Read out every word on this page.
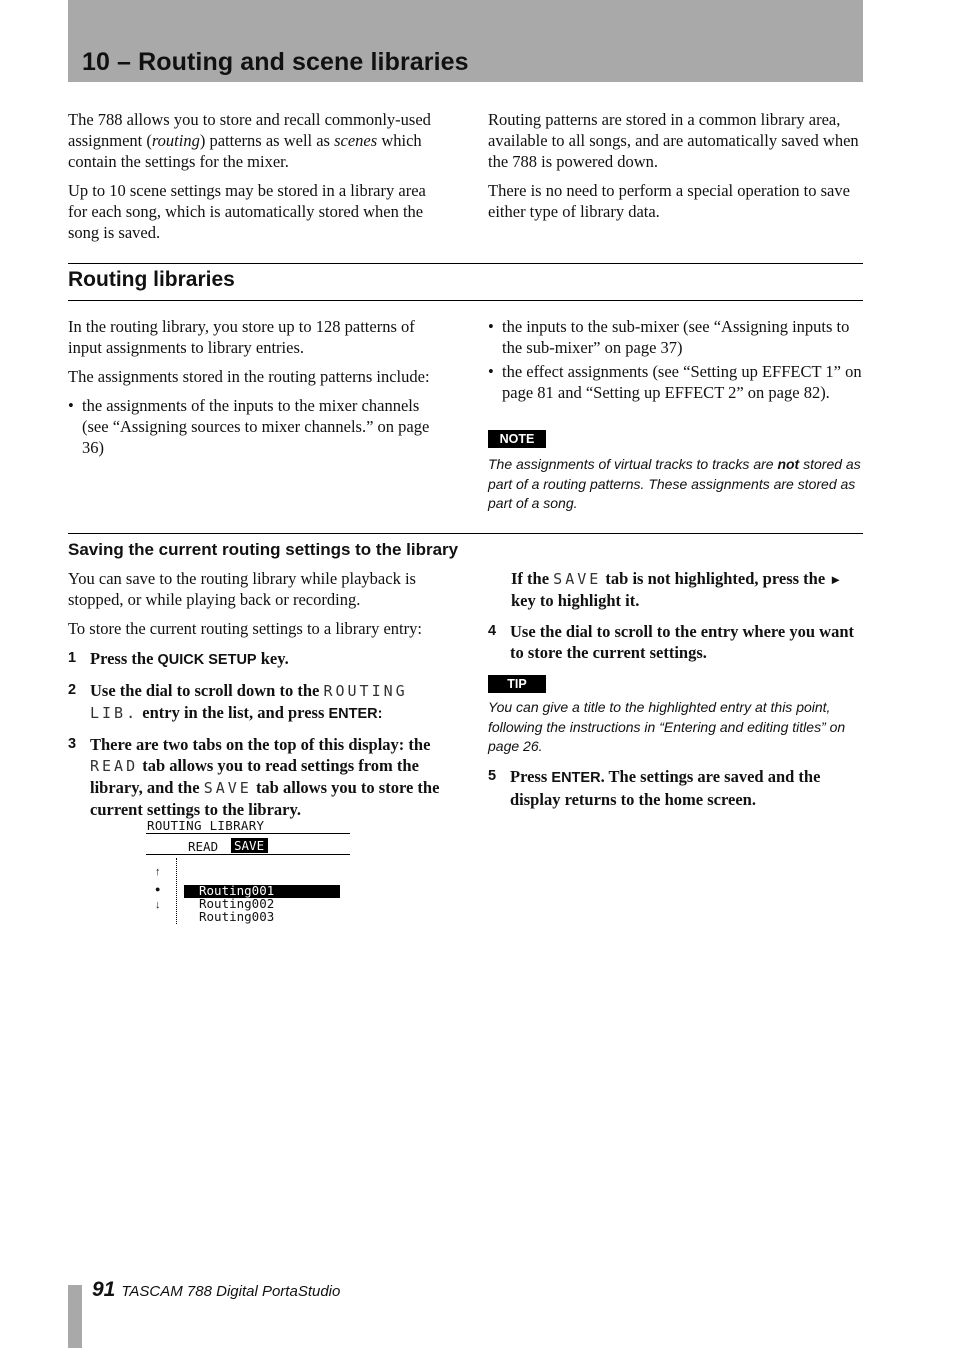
10 – Routing and scene libraries

The 788 allows you to store and recall commonly-used assignment (routing) patterns as well as scenes which contain the settings for the mixer.

Up to 10 scene settings may be stored in a library area for each song, which is automatically stored when the song is saved.

Routing patterns are stored in a common library area, available to all songs, and are automatically saved when the 788 is powered down.

There is no need to perform a special operation to save either type of library data.

Routing libraries

In the routing library, you store up to 128 patterns of input assignments to library entries.

The assignments stored in the routing patterns include:

• the assignments of the inputs to the mixer channels (see “Assigning sources to mixer channels.” on page 36)

• the inputs to the sub-mixer (see “Assigning inputs to the sub-mixer” on page 37)

• the effect assignments (see “Setting up EFFECT 1” on page 81 and “Setting up EFFECT 2” on page 82).

NOTE
The assignments of virtual tracks to tracks are not stored as part of a routing patterns. These assignments are stored as part of a song.
Saving the current routing settings to the library

You can save to the routing library while playback is stopped, or while playing back or recording.

To store the current routing settings to a library entry:

1 Press the QUICK SETUP key.

2 Use the dial to scroll down to the ROUTING LIB. entry in the list, and press ENTER:

3 There are two tabs on the top of this display: the READ tab allows you to read settings from the library, and the SAVE tab allows you to store the current settings to the library.

ROUTING LIBRARY
READ SAVE
↑
●
↓
Routing001
Routing002
Routing003

If the SAVE tab is not highlighted, press the ► key to highlight it.

4 Use the dial to scroll to the entry where you want to store the current settings.

TIP
You can give a title to the highlighted entry at this point, following the instructions in “Entering and editing titles” on page 26.

5 Press ENTER. The settings are saved and the display returns to the home screen.

91 TASCAM 788 Digital PortaStudio
